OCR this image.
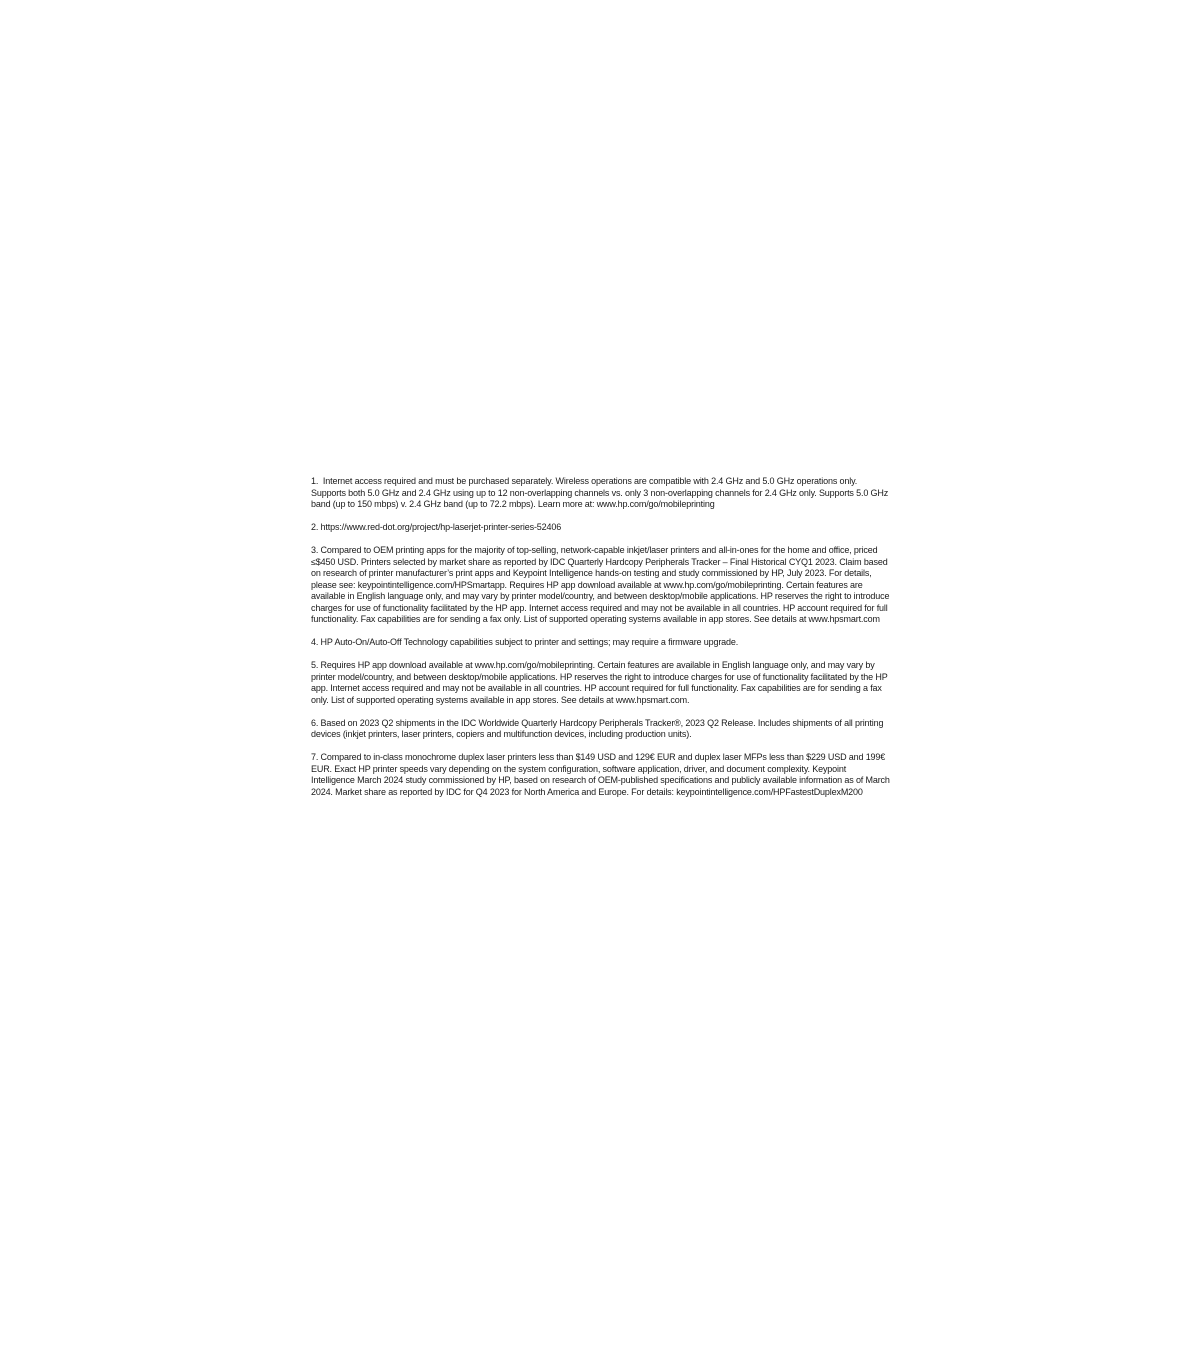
1.  Internet access required and must be purchased separately. Wireless operations are compatible with 2.4 GHz and 5.0 GHz operations only. Supports both 5.0 GHz and 2.4 GHz using up to 12 non-overlapping channels vs. only 3 non-overlapping channels for 2.4 GHz only. Supports 5.0 GHz band (up to 150 mbps) v. 2.4 GHz band (up to 72.2 mbps). Learn more at: www.hp.com/go/mobileprinting

2. https://www.red-dot.org/project/hp-laserjet-printer-series-52406

3. Compared to OEM printing apps for the majority of top-selling, network-capable inkjet/laser printers and all-in-ones for the home and office, priced ≤$450 USD. Printers selected by market share as reported by IDC Quarterly Hardcopy Peripherals Tracker – Final Historical CYQ1 2023. Claim based on research of printer manufacturer’s print apps and Keypoint Intelligence hands-on testing and study commissioned by HP, July 2023. For details, please see: keypointintelligence.com/HPSmartapp. Requires HP app download available at www.hp.com/go/mobileprinting. Certain features are available in English language only, and may vary by printer model/country, and between desktop/mobile applications. HP reserves the right to introduce charges for use of functionality facilitated by the HP app. Internet access required and may not be available in all countries. HP account required for full functionality. Fax capabilities are for sending a fax only. List of supported operating systems available in app stores. See details at www.hpsmart.com

4. HP Auto-On/Auto-Off Technology capabilities subject to printer and settings; may require a firmware upgrade.

5. Requires HP app download available at www.hp.com/go/mobileprinting. Certain features are available in English language only, and may vary by printer model/country, and between desktop/mobile applications. HP reserves the right to introduce charges for use of functionality facilitated by the HP app. Internet access required and may not be available in all countries. HP account required for full functionality. Fax capabilities are for sending a fax only. List of supported operating systems available in app stores. See details at www.hpsmart.com.

6. Based on 2023 Q2 shipments in the IDC Worldwide Quarterly Hardcopy Peripherals Tracker®, 2023 Q2 Release. Includes shipments of all printing devices (inkjet printers, laser printers, copiers and multifunction devices, including production units).

7. Compared to in-class monochrome duplex laser printers less than $149 USD and 129€ EUR and duplex laser MFPs less than $229 USD and 199€ EUR. Exact HP printer speeds vary depending on the system configuration, software application, driver, and document complexity. Keypoint Intelligence March 2024 study commissioned by HP, based on research of OEM-published specifications and publicly available information as of March 2024. Market share as reported by IDC for Q4 2023 for North America and Europe. For details: keypointintelligence.com/HPFastestDuplexM200
